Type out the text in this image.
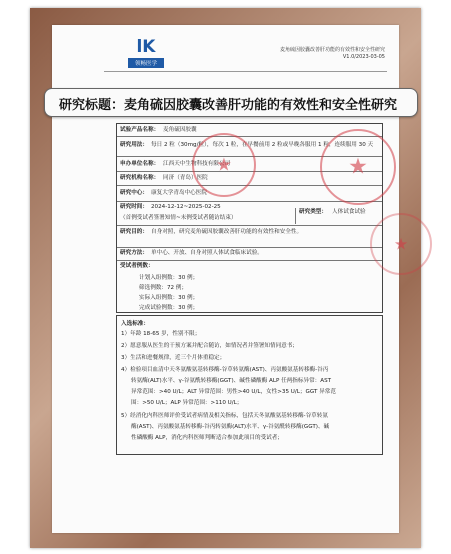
lK
领畅医学
麦角硫因胶囊改善肝功能的有效性和安全性研究
V1.0/2023-03-05
试验产品名称： 麦角硫因胶囊
研究用法： 每日 2 粒（30mg/粒），每次 1 粒，在早餐前用 2 粒或早晚各服用 1 粒，连续服用 30 天
申办单位名称： 江西天中生物科技有限公司
研究机构名称： 同济（青岛）医院
研究中心： 康复大学青岛中心医院
研究时间： 2024-12-12~2025-02-25
（首例受试者签署知情~末例受试者随访结束）
研究类型： 人体试食试验
研究目的： 自身对照，研究麦角硫因胶囊改善肝功能的有效性和安全性。
研究方法： 单中心、开放、自身对照人体试食临床试验。
受试者例数：
计划入组例数：30 例；
筛选例数：72 例；
实际入组例数：30 例；
完成试验例数：30 例；
入选标准：
1）年龄 18-65 岁，性别不限；
2）愿意服从医生的干预方案并配合随访，如情况者并签署知情同意书；
3）生活和进餐规律，近三个月体重稳定；
4）检验项目血清中天冬氨酸氨基转移酶-谷草转氨酶(AST)、丙氨酸氨基转移酶-谷丙
转氨酶(ALT)水平、γ-谷氨酰转移酶(GGT)、碱性磷酸酶 ALP 任两指标异常：AST
异常范围：>40 U/L；ALT 异常范围：男性>40 U/L，女性>35 U/L；GGT 异常范
围：>50 U/L；ALP 异常范围：>110 U/L；
5）经消化内科医师评价受试者病情及相关指标，包括天冬氨酸氨基转移酶-谷草转氨
酶(AST)、丙氨酸氨基转移酶-谷丙转氨酶(ALT)水平、γ-谷氨酰转移酶(GGT)、碱
性磷酸酶 ALP，消化内科医师判断适合参加此项目的受试者；
★	★
★
研究标题：麦角硫因胶囊改善肝功能的有效性和安全性研究
